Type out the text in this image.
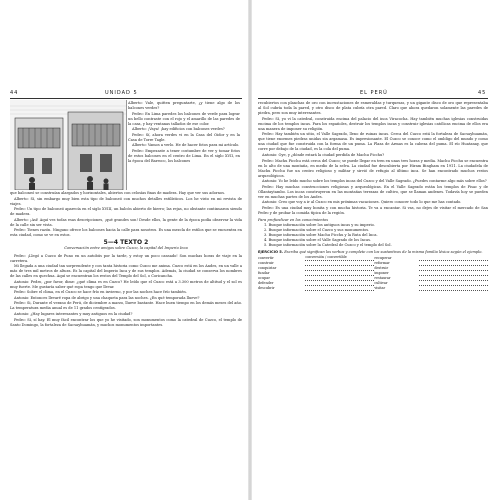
44	UNIDAD 5

Alberto: Vale, quitten preguntarte, ¿y tiene algo de los balcones verdes?

Pedro: En Lima paredes los balcones de verde para lograr un bello contraste con el rojo y el amarillo de las paredes de la casa, y hay ventanas tallados de ese color.

Alberto: ¡Vaya! ¡hay edificios con balcones verdes?

Pedro: Sí, ahora verdes vi en la Casa del Oidor y en la Casa de Torre Tagle.

Alberto: Vamos a verlo. He de hacer fotos para mi artículo.

Pedro: Empezaste a tener costumbre de ver y tomar fotos de estos balcones en el centro de Lima. En el siglo XVII, en la época del Barroco, los balcones

que balconeó se construían alargados y horizontales, abiertos con celosías finas de madera. Hay que ver sus adornos.

Alberto: Sí, sin embargo muy bien esta tipo de balconeó con muchos detalles estilísticos. Los he visto en mi revista de viajes.

Pedro: Un tipo de balconeó aparecía en el siglo XVIII, un balcón abierto de hierro; las rejas, no obstante continuaron siendo de madera.

Alberto: ¡Así! Aquí ves todas esas descripciones, ¡qué grandes son! Desde ellos, la gente de la época podía observar la vida de la calle sin ser vista.

Pedro: Tienes razón. Ninguno ofrece los balcones hacia la calle para nosotros. Es una mezcla de estilos que se encuentra en esta ciudad, como se ve en estos.

5—4 TEXTO 2
Conversación entre amigos sobre Cuzco, la capital del Imperio Inca

Pedro: ¡Llegó a Cuzco de Puno en un autobús por la tarde, y estoy un poco cansado! Son muchas horas de viaje en la carretera.

Mi llegada a una ciudad tan sorprendente y con tanta historia como Cuzco me anima. Cuzco está en los Andes, en un valle a más de tres mil metros de altura. Es la capital del Imperio Inca y de sus templos. Además, la ciudad se conserva los nombres de las calles en quechua. Aquí se encuentran los restos del Templo del Sol, o Coricancha.

Antonio: Pedro, ¿por favor, dime: ¿qué clima es en Cuzco? He leído que el Cuzco está a 3.300 metros de altitud y el sol es muy fuerte. Me gustaría saber qué ropa tengo que llevar.

Pedro: Sobre el clima, en el Cuzco se hace frío en invierno, y por las noches hace frío también.

Antonio: Entonces llevaré ropa de abrigo y una chaqueta para las noches. ¿En qué temporada llueve?

Pedro: Si, Durante el verano de Perú, de diciembre a marzo, llueve bastante. Hace buen tiempo en los demás meses del año. La temperatura media anual es de 11 grados centígrados.

Antonio: ¿Hay lugares interesantes y muy antiguos en la ciudad?

Pedro: Sí, sí hay. El muy fácil encontrar los que yo he visitado, son monumentos como la catedral de Cuzco, el templo de Santo Domingo, la fortaleza de Sacsayhuamán, y muchos monumentos importantes.

EL PERÚ	45

recubiertos con planchas de oro con incrustaciones de esmeraldas y turquesas, y un gigante disco de oro que representaba al Sol cubría toda la pared, y otro disco de plata cubría otra pared. Claro que ahora quedaron solamente las paredes de piedra, pero son muy interesantes.

Pedro: Sí, yo vi la catedral, construida encima del palacio del inca Viracocha. Hay también muchas iglesias construidas encima de los templos incas. Para los españoles, destruir los templos incas y construir iglesias católicas encima de ellos era una manera de imponer su religión.

Pedro: Hay también un sitio, el Valle Sagrado, lleno de ruinas incas. Cerca del Cuzco está la fortaleza de Sacsayhuamán, que tiene enormes piedras unidas sin argamasa. Es impresionante. El Cuzco se conoce como el ombligo del mundo y como una ciudad que fue construida con la forma de un puma. La Plaza de Armas es la cabeza del puma. El río Huatanay, que corre por debajo de la ciudad, es la cola del puma.

Antonio: Oye, y ¿dónde estará la ciudad perdida de Machu Picchu?

Pedro: Machu Picchu está cerca del Cuzco; se puede llegar en tren en unas tres horas y media. Machu Picchu se encuentra en lo alto de una montaña, en medio de la selva. La ciudad fue descubierta por Hiram Bingham en 1911. La ciudadela de Machu Picchu fue un centro religioso y militar y sirvió de refugio al último inca. Se han encontrado muchos restos arqueológicos.

Antonio: Yo he leído mucho sobre los templos incas del Cuzco y del Valle Sagrado. ¿Puedes contarme algo más sobre ellos?

Pedro: Hay muchas construcciones religiosas y arqueológicas. En el Valle Sagrado están los templos de Pisac y de Ollantaytambo. Los incas construyeron en las montañas terrazas de cultivo, que se llaman andenes. Todavía hoy se pueden ver en muchas partes de los Andes.

Antonio: Creo que voy a ir al Cuzco en mis próximas vacaciones. Quiero conocer todo lo que me has contado.

Pedro: Es una ciudad muy bonita y con mucha historia. Te va a encantar. Si vas, no dejes de visitar el mercado de San Pedro y de probar la comida típica de la región.

Para profundizar en los conocimientos
1. Busque información sobre los antiguos incas y su imperio.
2. Busque información sobre el Cuzco y sus monumentos.
3. Busque información sobre Machu Picchu y la Ruta del Inca.
4. Busque información sobre el Valle Sagrado de los Incas.
5. Busque información sobre la Catedral de Cuzco y el templo del Sol.
EJERCICIO 5. Escriba qué significan los verbos y complete con los sustantivos de la misma familia léxica según el ejemplo.
convertir	conversión / convertible	recuperar	
construir		reformar	
conquistar		destruir	
fundar		imponer	
ocupar		restaurar	
defender		cultivar	
descubrir		visitar	
